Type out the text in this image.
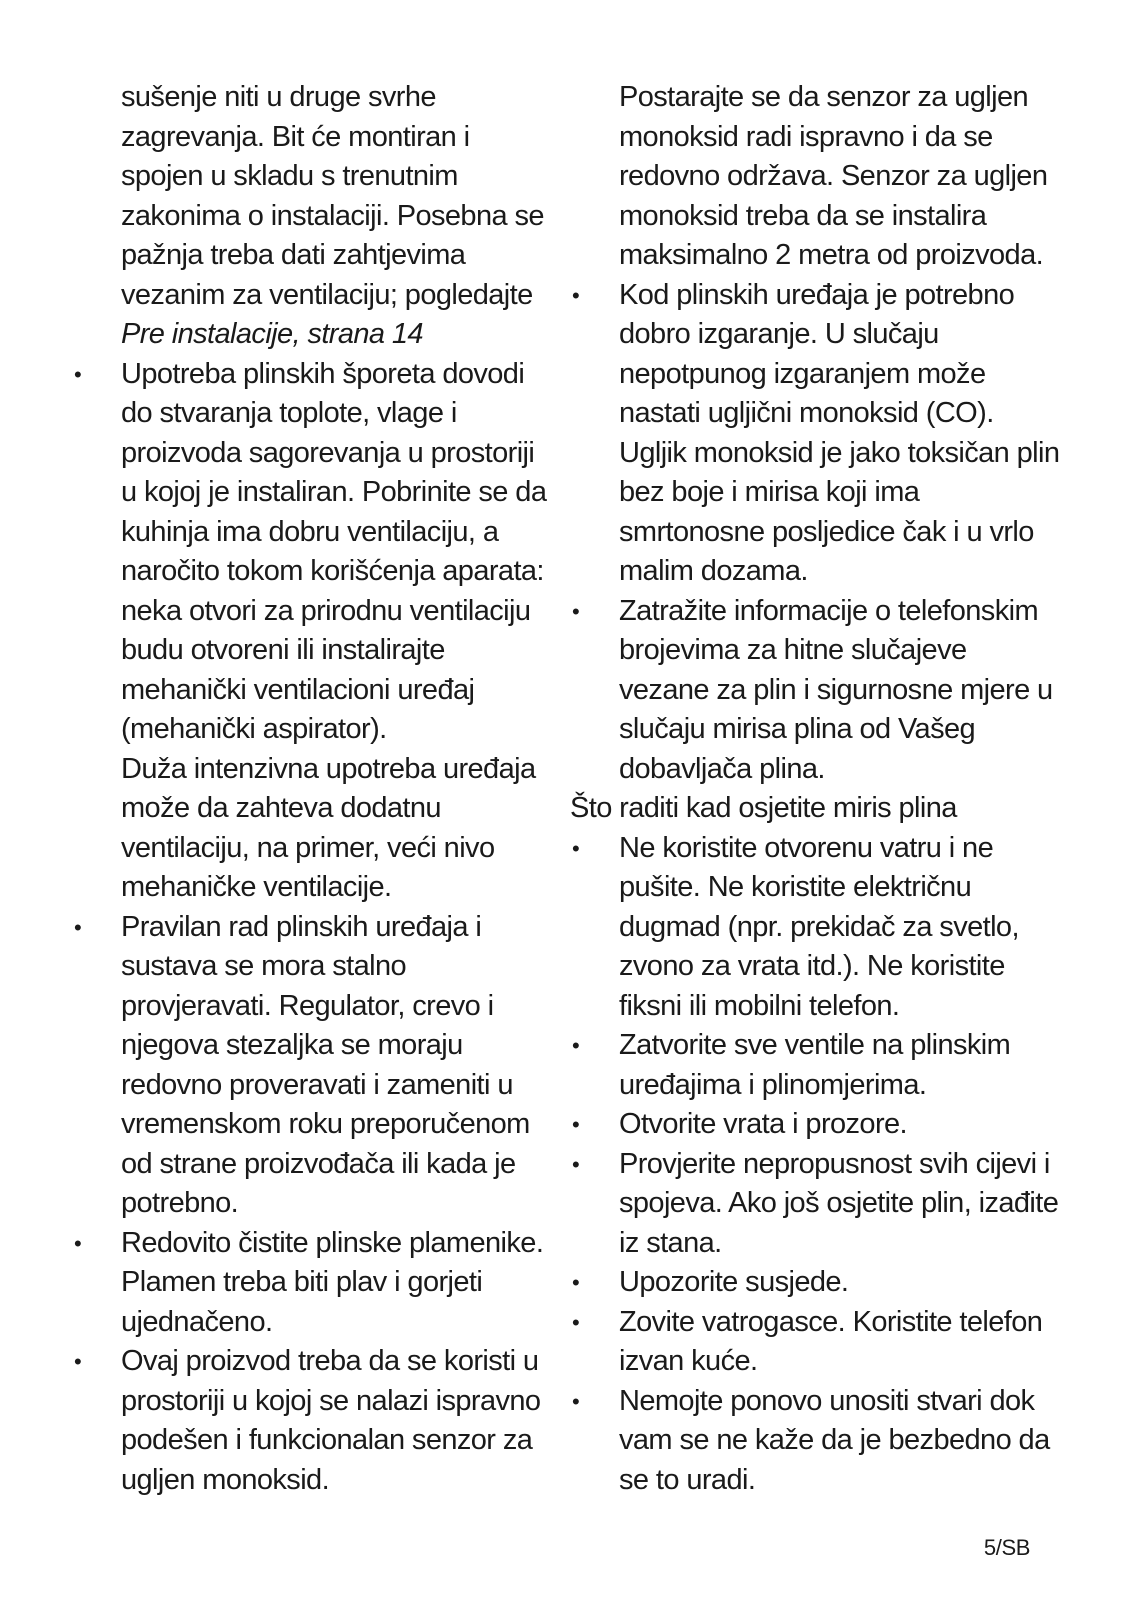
sušenje niti u druge svrhe zagrevanja. Bit će montiran i spojen u skladu s trenutnim zakonima o instalaciji. Posebna se pažnja treba dati zahtjevima vezanim za ventilaciju; pogledajte
Pre instalacije, strana 14
• Upotreba plinskih šporeta dovodi do stvaranja toplote, vlage i proizvoda sagorevanja u prostoriji u kojoj je instaliran. Pobrinite se da kuhinja ima dobru ventilaciju, a naročito tokom korišćenja aparata: neka otvori za prirodnu ventilaciju budu otvoreni ili instalirajte mehanički ventilacioni uređaj (mehanički aspirator).
Duža intenzivna upotreba uređaja može da zahteva dodatnu ventilaciju, na primer, veći nivo mehaničke ventilacije.
• Pravilan rad plinskih uređaja i sustava se mora stalno provjeravati. Regulator, crevo i njegova stezaljka se moraju redovno proveravati i zameniti u vremenskom roku preporučenom od strane proizvođača ili kada je potrebno.
• Redovito čistite plinske plamenike. Plamen treba biti plav i gorjeti ujednačeno.
• Ovaj proizvod treba da se koristi u prostoriji u kojoj se nalazi ispravno podešen i funkcionalan senzor za ugljen monoksid.
Postarajte se da senzor za ugljen monoksid radi ispravno i da se redovno održava. Senzor za ugljen monoksid treba da se instalira maksimalno 2 metra od proizvoda.
• Kod plinskih uređaja je potrebno dobro izgaranje. U slučaju nepotpunog izgaranjem može nastati ugljični monoksid (CO). Ugljik monoksid je jako toksičan plin bez boje i mirisa koji ima smrtonosne posljedice čak i u vrlo malim dozama.
• Zatražite informacije o telefonskim brojevima za hitne slučajeve vezane za plin i sigurnosne mjere u slučaju mirisa plina od Vašeg dobavljača plina.
Što raditi kad osjetite miris plina
• Ne koristite otvorenu vatru i ne pušite. Ne koristite električnu dugmad (npr. prekidač za svetlo, zvono za vrata itd.). Ne koristite fiksni ili mobilni telefon.
• Zatvorite sve ventile na plinskim uređajima i plinomjerima.
• Otvorite vrata i prozore.
• Provjerite nepropusnost svih cijevi i spojeva. Ako još osjetite plin, izađite iz stana.
• Upozorite susjede.
• Zovite vatrogasce. Koristite telefon izvan kuće.
• Nemojte ponovo unositi stvari dok vam se ne kaže da je bezbedno da se to uradi.
5/SB
